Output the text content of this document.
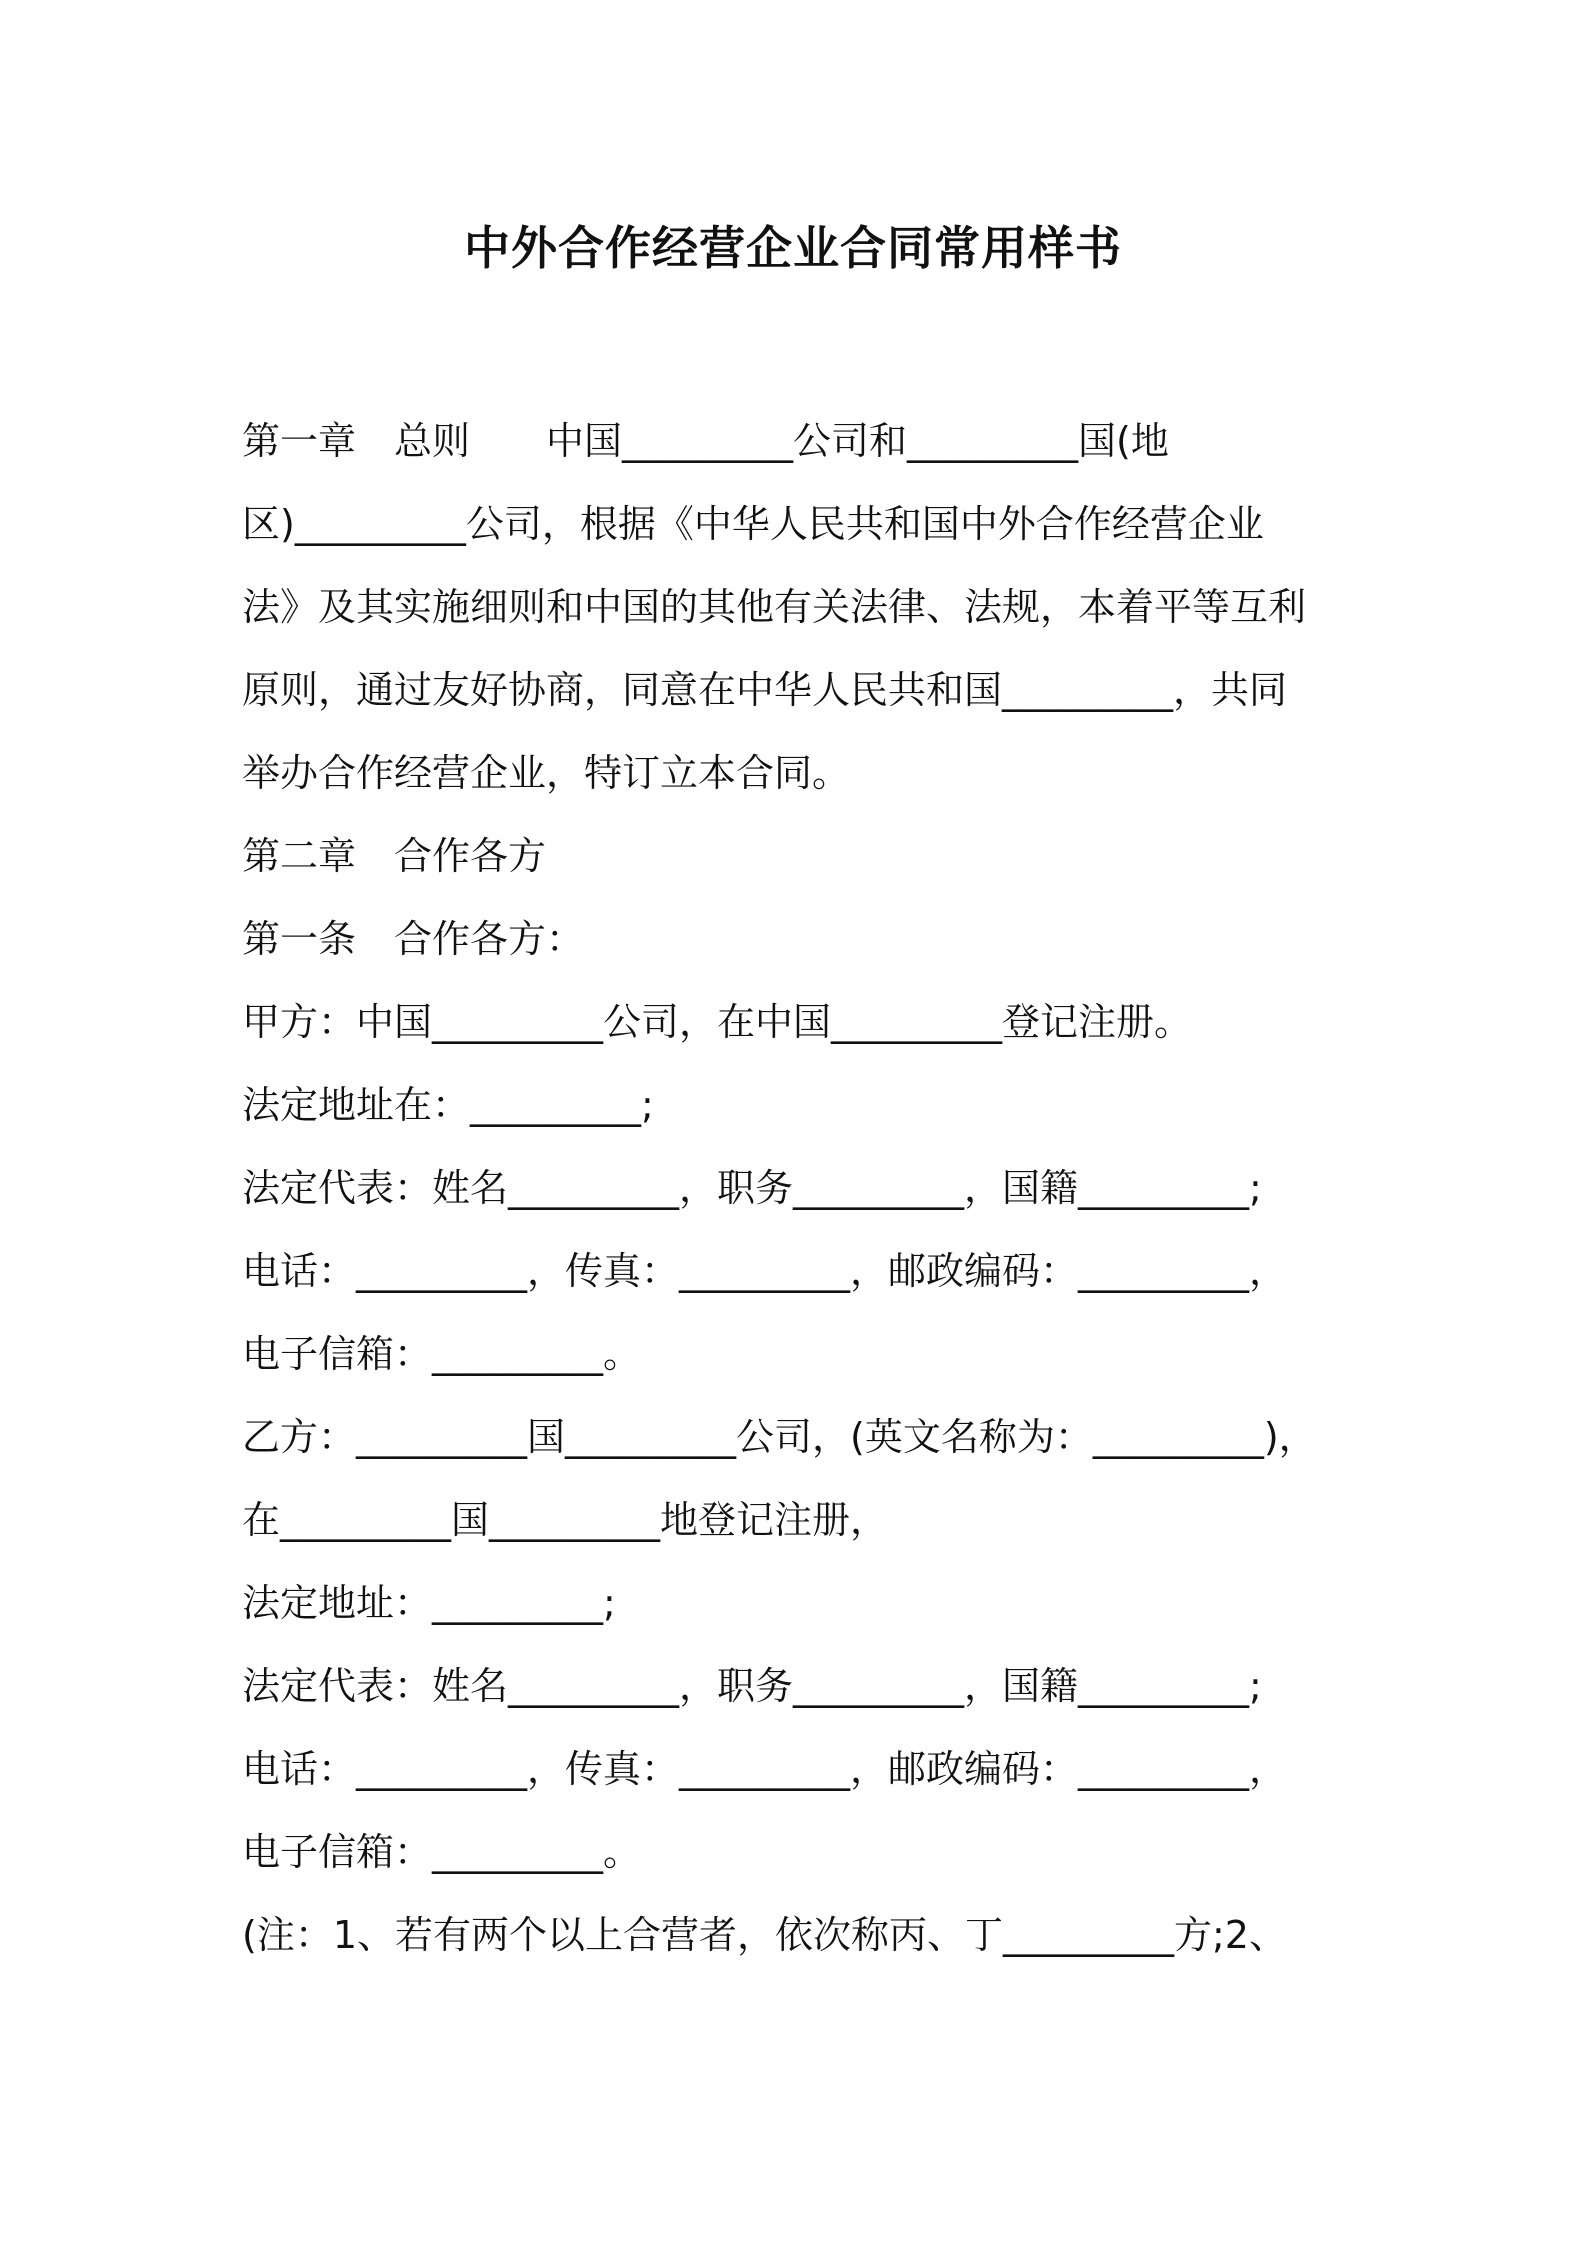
中外合作经营企业合同常用样书
第一章　总则　　中国_________公司和_________国(地
区)_________公司，根据《中华人民共和国中外合作经营企业
法》及其实施细则和中国的其他有关法律、法规，本着平等互利
原则，通过友好协商，同意在中华人民共和国_________，共同
举办合作经营企业，特订立本合同。
第二章　合作各方
第一条　合作各方：
甲方：中国_________公司，在中国_________登记注册。
法定地址在：_________;
法定代表：姓名_________，职务_________，国籍_________;
电话：_________，传真：_________，邮政编码：_________，
电子信箱：_________。
乙方：_________国_________公司，(英文名称为：_________)，
在_________国_________地登记注册，
法定地址：_________;
法定代表：姓名_________，职务_________，国籍_________;
电话：_________，传真：_________，邮政编码：_________，
电子信箱：_________。
(注：1、若有两个以上合营者，依次称丙、丁_________方;2、
